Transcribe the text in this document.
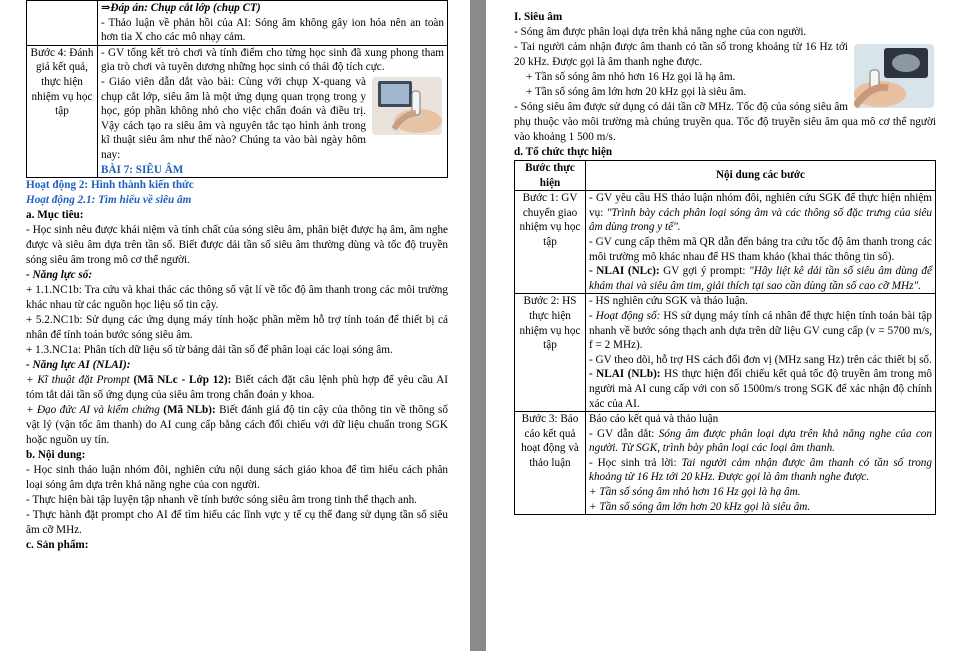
	⇒Đáp án: Chụp cắt lớp (chụp CT)

- Thảo luận về phản hồi của AI: Sóng âm không gây ion hóa nên an toàn hơn tia X cho các mô nhạy cảm.

Bước 4: Đánh giá kết quả, thực hiện nhiệm vụ học tập	- GV tổng kết trò chơi và tính điểm cho từng học sinh đã xung phong tham gia trò chơi và tuyên dương những học sinh có thái độ tích cực.

- Giáo viên dẫn dắt vào bài: Cùng với chụp X-quang và chụp cắt lớp, siêu âm là một ứng dụng quan trọng trong y học, góp phần không nhỏ cho việc chẩn đoán và điều trị. Vậy cách tạo ra siêu âm và nguyên tắc tạo hình ảnh trong kĩ thuật siêu âm như thế nào? Chúng ta vào bài ngày hôm nay:

BÀI 7: SIÊU ÂM

Hoạt động 2: Hình thành kiến thức
Hoạt động 2.1: Tìm hiểu về siêu âm
a. Mục tiêu:

- Học sinh nêu được khái niệm và tính chất của sóng siêu âm, phân biệt được hạ âm, âm nghe được và siêu âm dựa trên tần số. Biết được dải tần số siêu âm thường dùng và tốc độ truyền sóng siêu âm trong mô cơ thể người.

- Năng lực số:

+ 1.1.NC1b: Tra cứu và khai thác các thông số vật lí về tốc độ âm thanh trong các môi trường khác nhau từ các nguồn học liệu số tin cậy.

+ 5.2.NC1b: Sử dụng các ứng dụng máy tính hoặc phần mềm hỗ trợ tính toán để thiết bị cá nhân để tính toán bước sóng siêu âm.

+ 1.3.NC1a: Phân tích dữ liệu số từ bảng dải tần số để phân loại các loại sóng âm.

- Năng lực AI (NLAI):

+ Kĩ thuật đặt Prompt (Mã NLc - Lớp 12): Biết cách đặt câu lệnh phù hợp để yêu cầu AI tóm tắt dải tần số ứng dụng của siêu âm trong chẩn đoán y khoa.

+ Đạo đức AI và kiểm chứng (Mã NLb): Biết đánh giá độ tin cậy của thông tin về thông số vật lý (vận tốc âm thanh) do AI cung cấp bằng cách đối chiếu với dữ liệu chuẩn trong SGK hoặc nguồn uy tín.

b. Nội dung:

- Học sinh thảo luận nhóm đôi, nghiên cứu nội dung sách giáo khoa để tìm hiểu cách phân loại sóng âm dựa trên khả năng nghe của con người.

- Thực hiện bài tập luyện tập nhanh về tính bước sóng siêu âm trong tinh thể thạch anh.

- Thực hành đặt prompt cho AI để tìm hiểu các lĩnh vực y tế cụ thể đang sử dụng tần số siêu âm cỡ MHz.

c. Sản phẩm:
I. Siêu âm

- Sóng âm được phân loại dựa trên khả năng nghe của con người.

- Tai người cảm nhận được âm thanh có tần số trong khoảng từ 16 Hz tới 20 kHz. Được gọi là âm thanh nghe được.

+ Tần số sóng âm nhỏ hơn 16 Hz gọi là hạ âm.

+ Tần số sóng âm lớn hơn 20 kHz gọi là siêu âm.

- Sóng siêu âm được sử dụng có dải tần cỡ MHz. Tốc độ của sóng siêu âm phụ thuộc vào môi trường mà chúng truyền qua. Tốc độ truyền siêu âm qua mô cơ thể người vào khoảng 1 500 m/s.

d. Tổ chức thực hiện
Bước thực hiện	Nội dung các bước
Bước 1: GV chuyển giao nhiệm vụ học tập	- GV yêu cầu HS thảo luận nhóm đôi, nghiên cứu SGK để thực hiện nhiệm vụ: "Trình bày cách phân loại sóng âm và các thông số đặc trưng của siêu âm dùng trong y tế".

- GV cung cấp thêm mã QR dẫn đến bảng tra cứu tốc độ âm thanh trong các môi trường mô khác nhau để HS tham khảo (khai thác thông tin số).

- NLAI (NLc): GV gợi ý prompt: "Hãy liệt kê dải tần số siêu âm dùng để khám thai và siêu âm tim, giải thích tại sao cần dùng tần số cao cỡ MHz".

Bước 2: HS thực hiện nhiệm vụ học tập	- HS nghiên cứu SGK và thảo luận.

- Hoạt động số: HS sử dụng máy tính cá nhân để thực hiện tính toán bài tập nhanh về bước sóng thạch anh dựa trên dữ liệu GV cung cấp (v = 5700 m/s, f = 2 MHz).

- GV theo dõi, hỗ trợ HS cách đổi đơn vị (MHz sang Hz) trên các thiết bị số.

- NLAI (NLb): HS thực hiện đối chiếu kết quả tốc độ truyền âm trong mô người mà AI cung cấp với con số 1500m/s trong SGK để xác nhận độ chính xác của AI.

Bước 3: Báo cáo kết quả hoạt động và thảo luận	Báo cáo kết quả và thảo luận

- GV dẫn dắt: Sóng âm được phân loại dựa trên khả năng nghe của con người. Từ SGK, trình bày phân loại các loại âm thanh.

- Học sinh trả lời: Tai người cảm nhận được âm thanh có tần số trong khoảng từ 16 Hz tới 20 kHz. Được gọi là âm thanh nghe được.

+ Tần số sóng âm nhỏ hơn 16 Hz gọi là hạ âm.

+ Tần số sóng âm lớn hơn 20 kHz gọi là siêu âm.
